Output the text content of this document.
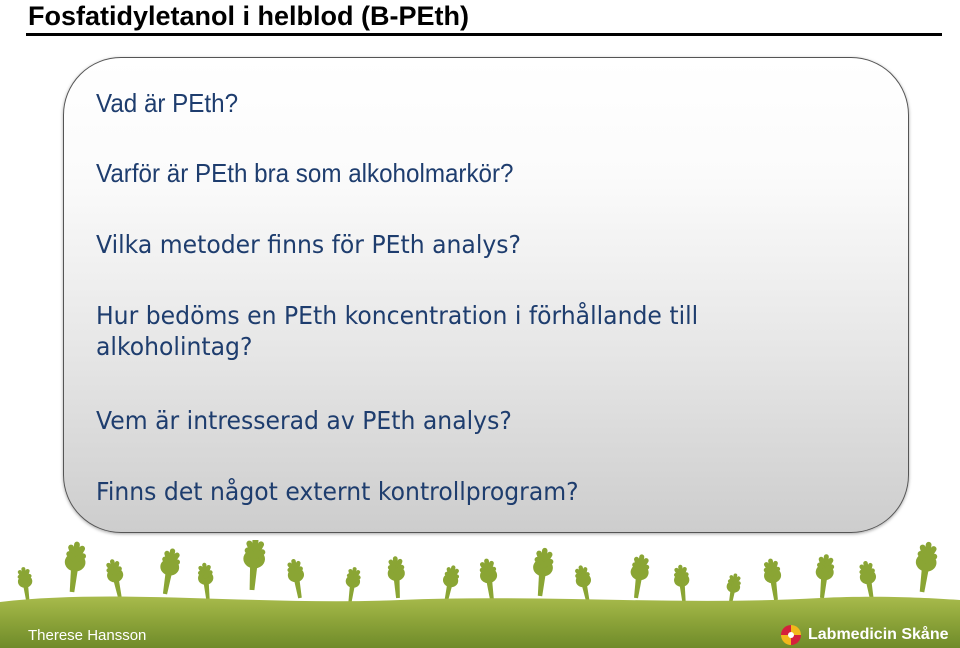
Fosfatidyletanol i helblod (B-PEth)
Vad är PEth?
Varför är PEth bra som alkoholmarkör?
Vilka metoder finns för PEth analys?
Hur bedöms en PEth koncentration i förhållande till alkoholintag?
Vem är intresserad av PEth analys?
Finns det något externt kontrollprogram?
Therese Hansson	Labmedicin Skåne
